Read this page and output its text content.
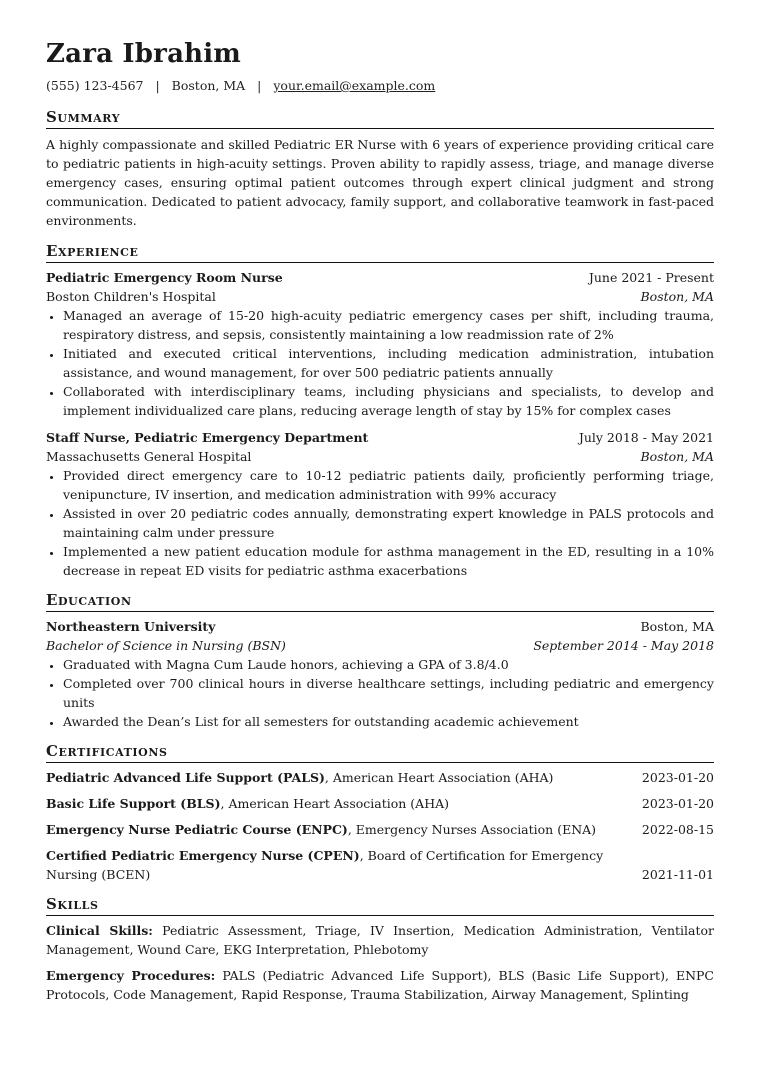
Zara Ibrahim
(555) 123-4567 | Boston, MA | your.email@example.com
Summary
A highly compassionate and skilled Pediatric ER Nurse with 6 years of experience providing critical care to pediatric patients in high-acuity settings. Proven ability to rapidly assess, triage, and manage diverse emergency cases, ensuring optimal patient outcomes through expert clinical judgment and strong communication. Dedicated to patient advocacy, family support, and collaborative teamwork in fast-paced environments.
Experience
Pediatric Emergency Room Nurse	June 2021 - Present
Boston Children's Hospital	Boston, MA
• Managed an average of 15-20 high-acuity pediatric emergency cases per shift, including trauma, respiratory distress, and sepsis, consistently maintaining a low readmission rate of 2%
• Initiated and executed critical interventions, including medication administration, intubation assistance, and wound management, for over 500 pediatric patients annually
• Collaborated with interdisciplinary teams, including physicians and specialists, to develop and implement individualized care plans, reducing average length of stay by 15% for complex cases
Staff Nurse, Pediatric Emergency Department	July 2018 - May 2021
Massachusetts General Hospital	Boston, MA
• Provided direct emergency care to 10-12 pediatric patients daily, proficiently performing triage, venipuncture, IV insertion, and medication administration with 99% accuracy
• Assisted in over 20 pediatric codes annually, demonstrating expert knowledge in PALS protocols and maintaining calm under pressure
• Implemented a new patient education module for asthma management in the ED, resulting in a 10% decrease in repeat ED visits for pediatric asthma exacerbations
Education
Northeastern University	Boston, MA
Bachelor of Science in Nursing (BSN)	September 2014 - May 2018
• Graduated with Magna Cum Laude honors, achieving a GPA of 3.8/4.0
• Completed over 700 clinical hours in diverse healthcare settings, including pediatric and emergency units
• Awarded the Dean’s List for all semesters for outstanding academic achievement
Certifications
Pediatric Advanced Life Support (PALS), American Heart Association (AHA)	2023-01-20
Basic Life Support (BLS), American Heart Association (AHA)	2023-01-20
Emergency Nurse Pediatric Course (ENPC), Emergency Nurses Association (ENA)	2022-08-15
Certified Pediatric Emergency Nurse (CPEN), Board of Certification for Emergency Nursing (BCEN)	2021-11-01
Skills
Clinical Skills: Pediatric Assessment, Triage, IV Insertion, Medication Administration, Ventilator Management, Wound Care, EKG Interpretation, Phlebotomy
Emergency Procedures: PALS (Pediatric Advanced Life Support), BLS (Basic Life Support), ENPC Protocols, Code Management, Rapid Response, Trauma Stabilization, Airway Management, Splinting
